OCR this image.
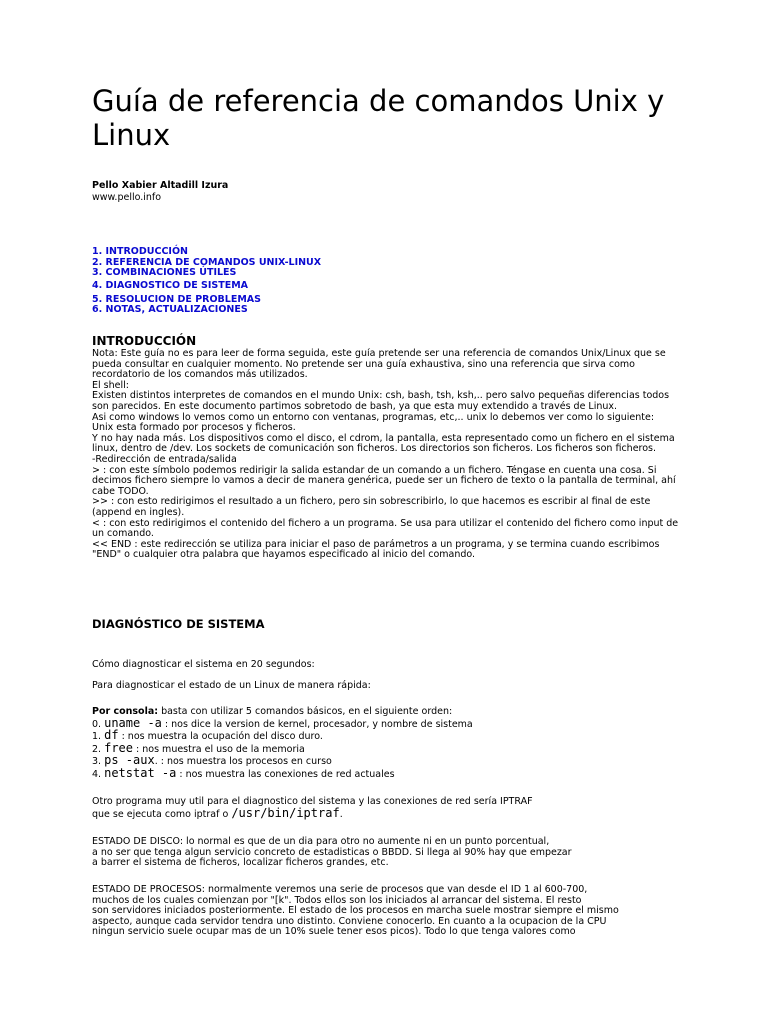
Guía de referencia de comandos Unix y Linux
Pello Xabier Altadill Izura
www.pello.info
1. INTRODUCCIÓN
2. REFERENCIA DE COMANDOS UNIX-LINUX
3. COMBINACIONES ÚTILES
4. DIAGNOSTICO DE SISTEMA
5. RESOLUCION DE PROBLEMAS
6. NOTAS, ACTUALIZACIONES
INTRODUCCIÓN
Nota: Este guía no es para leer de forma seguida, este guía pretende ser una referencia de comandos Unix/Linux que se
pueda consultar en cualquier momento. No pretende ser una guía exhaustiva, sino una referencia que sirva como
recordatorio de los comandos más utilizados.
El shell:
Existen distintos interpretes de comandos en el mundo Unix: csh, bash, tsh, ksh,.. pero salvo pequeñas diferencias todos
son parecidos. En este documento partimos sobretodo de bash, ya que esta muy extendido a través de Linux.
Asi como windows lo vemos como un entorno con ventanas, programas, etc,.. unix lo debemos ver como lo siguiente:
Unix esta formado por procesos y ficheros.
Y no hay nada más. Los dispositivos como el disco, el cdrom, la pantalla, esta representado como un fichero en el sistema
linux, dentro de /dev. Los sockets de comunicación son ficheros. Los directorios son ficheros. Los ficheros son ficheros.
-Redirección de entrada/salida
> : con este símbolo podemos redirigir la salida estandar de un comando a un fichero. Téngase en cuenta una cosa. Si
decimos fichero siempre lo vamos a decir de manera genérica, puede ser un fichero de texto o la pantalla de terminal, ahí
cabe TODO.
>> : con esto redirigimos el resultado a un fichero, pero sin sobrescribirlo, lo que hacemos es escribir al final de este
(append en ingles).
< : con esto redirigimos el contenido del fichero a un programa. Se usa para utilizar el contenido del fichero como input de
un comando.
<< END : este redirección se utiliza para iniciar el paso de parámetros a un programa, y se termina cuando escribimos
"END" o cualquier otra palabra que hayamos especificado al inicio del comando.
DIAGNÓSTICO DE SISTEMA
Cómo diagnosticar el sistema en 20 segundos:
Para diagnosticar el estado de un Linux de manera rápida:
Por consola: basta con utilizar 5 comandos básicos, en el siguiente orden:
0. uname -a : nos dice la version de kernel, procesador, y nombre de sistema
1. df : nos muestra la ocupación del disco duro.
2. free : nos muestra el uso de la memoria
3. ps -aux. : nos muestra los procesos en curso
4. netstat -a : nos muestra las conexiones de red actuales
Otro programa muy util para el diagnostico del sistema y las conexiones de red sería IPTRAF
que se ejecuta como iptraf o /usr/bin/iptraf.
ESTADO DE DISCO: lo normal es que de un dia para otro no aumente ni en un punto porcentual,
a no ser que tenga algun servicio concreto de estadisticas o BBDD. Si llega al 90% hay que empezar
a barrer el sistema de ficheros, localizar ficheros grandes, etc.
ESTADO DE PROCESOS: normalmente veremos una serie de procesos que van desde el ID 1 al 600-700,
muchos de los cuales comienzan por "[k". Todos ellos son los iniciados al arrancar del sistema. El resto
son servidores iniciados posteriormente. El estado de los procesos en marcha suele mostrar siempre el mismo
aspecto, aunque cada servidor tendra uno distinto. Conviene conocerlo. En cuanto a la ocupacion de la CPU
ningun servicio suele ocupar mas de un 10% suele tener esos picos). Todo lo que tenga valores como
